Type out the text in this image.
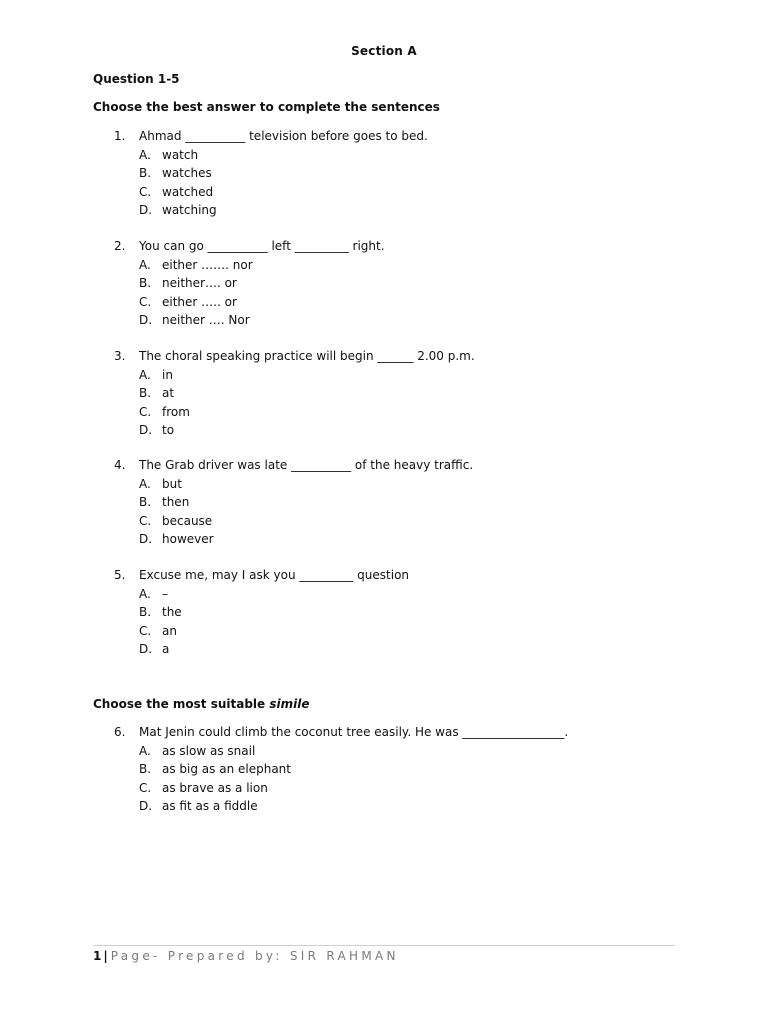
Section A
Question 1-5
Choose the best answer to complete the sentences
1.	Ahmad __________ television before goes to bed.
A. watch
B. watches
C. watched
D. watching
2.	You can go __________ left _________ right.
A. either ……. nor
B. neither…. or
C. either ….. or
D. neither …. Nor
3.	The choral speaking practice will begin ______ 2.00 p.m.
A. in
B. at
C. from
D. to
4.	The Grab driver was late __________ of the heavy traffic.
A. but
B. then
C. because
D. however
5.	Excuse me, may I ask you _________ question
A. –
B. the
C. an
D. a
Choose the most suitable simile
6.	Mat Jenin could climb the coconut tree easily. He was _________________.
A. as slow as snail
B. as big as an elephant
C. as brave as a lion
D. as fit as a fiddle
1 | Page- Prepared by: SIR RAHMAN
